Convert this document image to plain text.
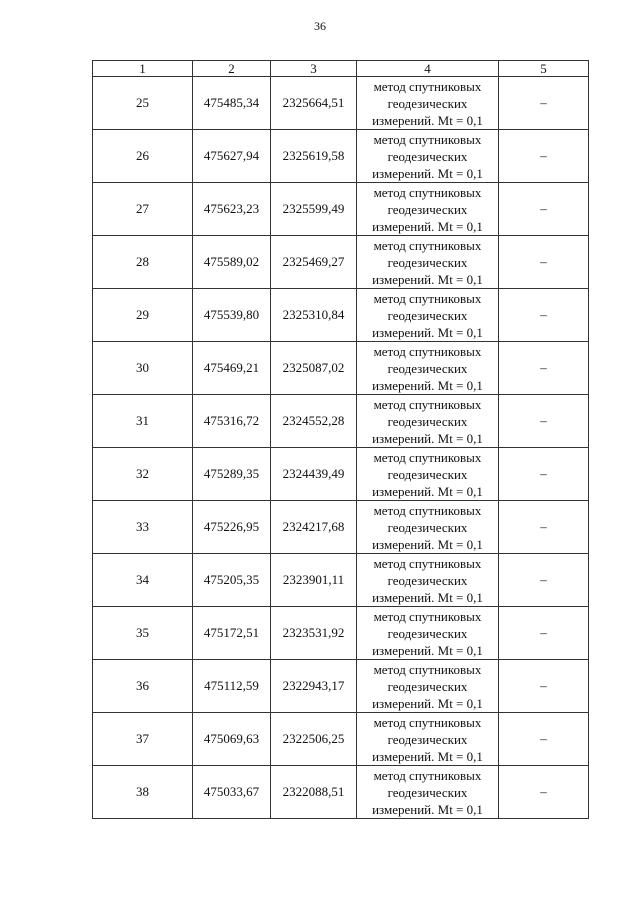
36
1	2	3	4	5
25	475485,34	2325664,51	метод спутниковых
геодезических
измерений. Mt = 0,1	–
26	475627,94	2325619,58	метод спутниковых
геодезических
измерений. Mt = 0,1	–
27	475623,23	2325599,49	метод спутниковых
геодезических
измерений. Mt = 0,1	–
28	475589,02	2325469,27	метод спутниковых
геодезических
измерений. Mt = 0,1	–
29	475539,80	2325310,84	метод спутниковых
геодезических
измерений. Mt = 0,1	–
30	475469,21	2325087,02	метод спутниковых
геодезических
измерений. Mt = 0,1	–
31	475316,72	2324552,28	метод спутниковых
геодезических
измерений. Mt = 0,1	–
32	475289,35	2324439,49	метод спутниковых
геодезических
измерений. Mt = 0,1	–
33	475226,95	2324217,68	метод спутниковых
геодезических
измерений. Mt = 0,1	–
34	475205,35	2323901,11	метод спутниковых
геодезических
измерений. Mt = 0,1	–
35	475172,51	2323531,92	метод спутниковых
геодезических
измерений. Mt = 0,1	–
36	475112,59	2322943,17	метод спутниковых
геодезических
измерений. Mt = 0,1	–
37	475069,63	2322506,25	метод спутниковых
геодезических
измерений. Mt = 0,1	–
38	475033,67	2322088,51	метод спутниковых
геодезических
измерений. Mt = 0,1	–
